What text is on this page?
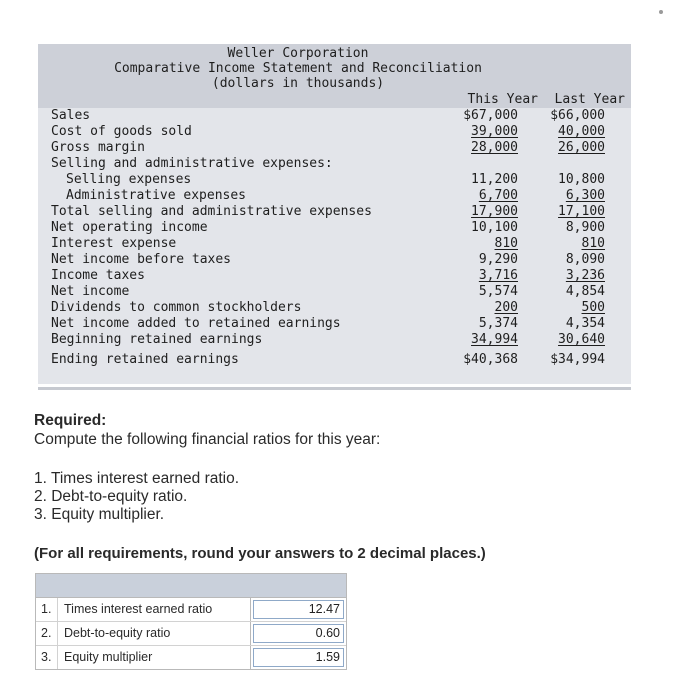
Weller Corporation
Comparative Income Statement and Reconciliation
(dollars in thousands)
This Year	Last Year
Sales	$67,000	$66,000
Cost of goods sold	39,000	40,000
Gross margin	28,000	26,000
Selling and administrative expenses:
Selling expenses	11,200	10,800
Administrative expenses	6,700	6,300
Total selling and administrative expenses	17,900	17,100
Net operating income	10,100	8,900
Interest expense	810	810
Net income before taxes	9,290	8,090
Income taxes	3,716	3,236
Net income	5,574	4,854
Dividends to common stockholders	200	500
Net income added to retained earnings	5,374	4,354
Beginning retained earnings	34,994	30,640
Ending retained earnings	$40,368	$34,994
Required:
Compute the following financial ratios for this year:
1. Times interest earned ratio.
2. Debt-to-equity ratio.
3. Equity multiplier.
(For all requirements, round your answers to 2 decimal places.)
1.	Times interest earned ratio	12.47
2.	Debt-to-equity ratio	0.60
3.	Equity multiplier	1.59
